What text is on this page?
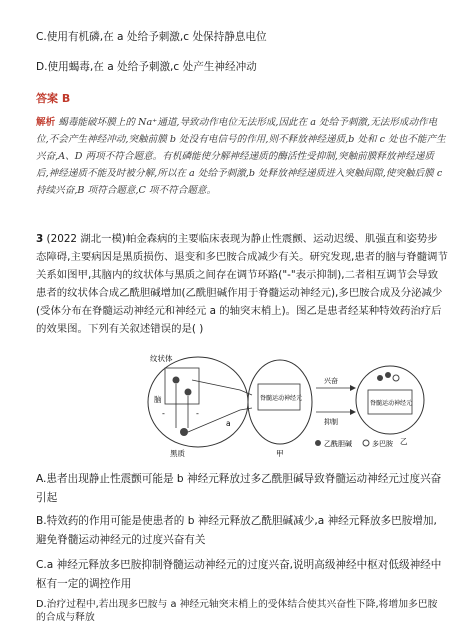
C.使用有机磷,在 a 处给予刺激,c 处保持静息电位
D.使用蝎毒,在 a 处给予刺激,c 处产生神经冲动
答案 B
解析 蝎毒能破坏膜上的 Na⁺通道,导致动作电位无法形成,因此在 a 处给予刺激,无法形成动作电位,不会产生神经冲动,突触前膜 b 处没有电信号的作用,则不释放神经递质,b 处和 c 处也不能产生兴奋,A、D 两项不符合题意。有机磷能使分解神经递质的酶活性受抑制,突触前膜释放神经递质后,神经递质不能及时被分解,所以在 a 处给予刺激,b 处释放神经递质进入突触间隙,使突触后膜 c 持续兴奋,B 项符合题意,C 项不符合题意。
3 (2022 湖北一模)帕金森病的主要临床表现为静止性震颤、运动迟缓、肌强直和姿势步态障碍,主要病因是黑质损伤、退变和多巴胺合成减少有关。研究发现,患者的脑与脊髓调节关系如图甲,其脑内的纹状体与黑质之间存在调节环路("-"表示抑制),二者相互调节会导致患者的纹状体合成乙酰胆碱增加(乙酰胆碱作用于脊髓运动神经元),多巴胺合成及分泌减少(受体分布在脊髓运动神经元和神经元 a 的轴突末梢上)。图乙是患者经某种特效药治疗后的效果图。下列有关叙述错误的是( )
纹状体
脑
黑质
-
-
a
脊髓运动神经元
甲
兴奋
抑制
脊髓运动神经元
乙
乙酰胆碱	多巴胺
A.患者出现静止性震颤可能是 b 神经元释放过多乙酰胆碱导致脊髓运动神经元过度兴奋引起
B.特效药的作用可能是使患者的 b 神经元释放乙酰胆碱减少,a 神经元释放多巴胺增加,避免脊髓运动神经元的过度兴奋有关
C.a 神经元释放多巴胺抑制脊髓运动神经元的过度兴奋,说明高级神经中枢对低级神经中枢有一定的调控作用
D.治疗过程中,若出现多巴胺与 a 神经元轴突末梢上的受体结合使其兴奋性下降,将增加多巴胺的合成与释放
